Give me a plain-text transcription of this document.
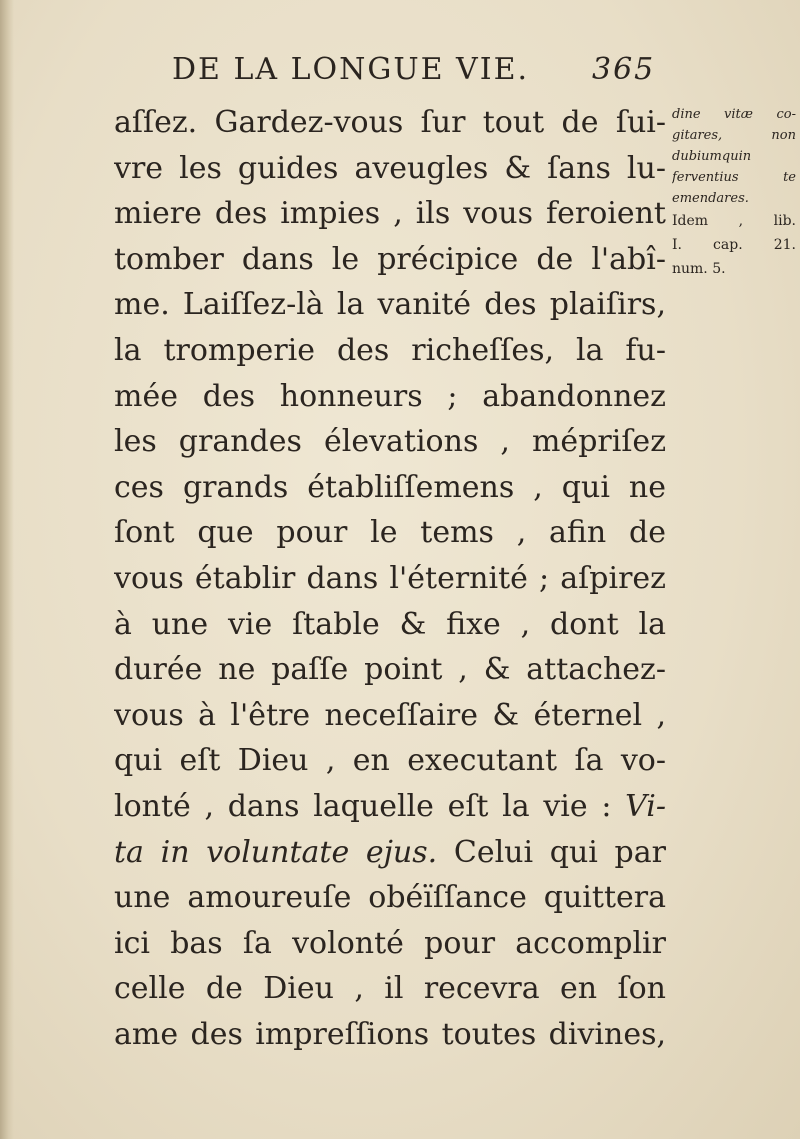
DE LA LONGUE VIE. 365
aſſez. Gardez-vous ſur tout de ſui-
vre les guides aveugles & ſans lu-
miere des impies , ils vous feroient
tomber dans le précipice de l'abî-
me. Laiſſez-là la vanité des plaiſirs,
la tromperie des richeſſes, la fu-
mée des honneurs ; abandonnez
les grandes élevations , mépriſez
ces grands établiſſemens , qui ne
ſont que pour le tems , afin de
vous établir dans l'éternité ; aſpirez
à une vie ſtable & fixe , dont la
durée ne paſſe point , & attachez-
vous à l'être neceſſaire & éternel ,
qui eſt Dieu , en executant ſa vo-
lonté , dans laquelle eſt la vie : Vi-
ta in voluntate ejus. Celui qui par
une amoureuſe obéïſſance quittera
ici bas ſa volonté pour accomplir
celle de Dieu , il recevra en ſon
ame des impreſſions toutes divines,
dine vitæ co-
gitares, non
dubiumquin
ferventius te
emendares.
Idem , lib.
I. cap. 21.
num. 5.
